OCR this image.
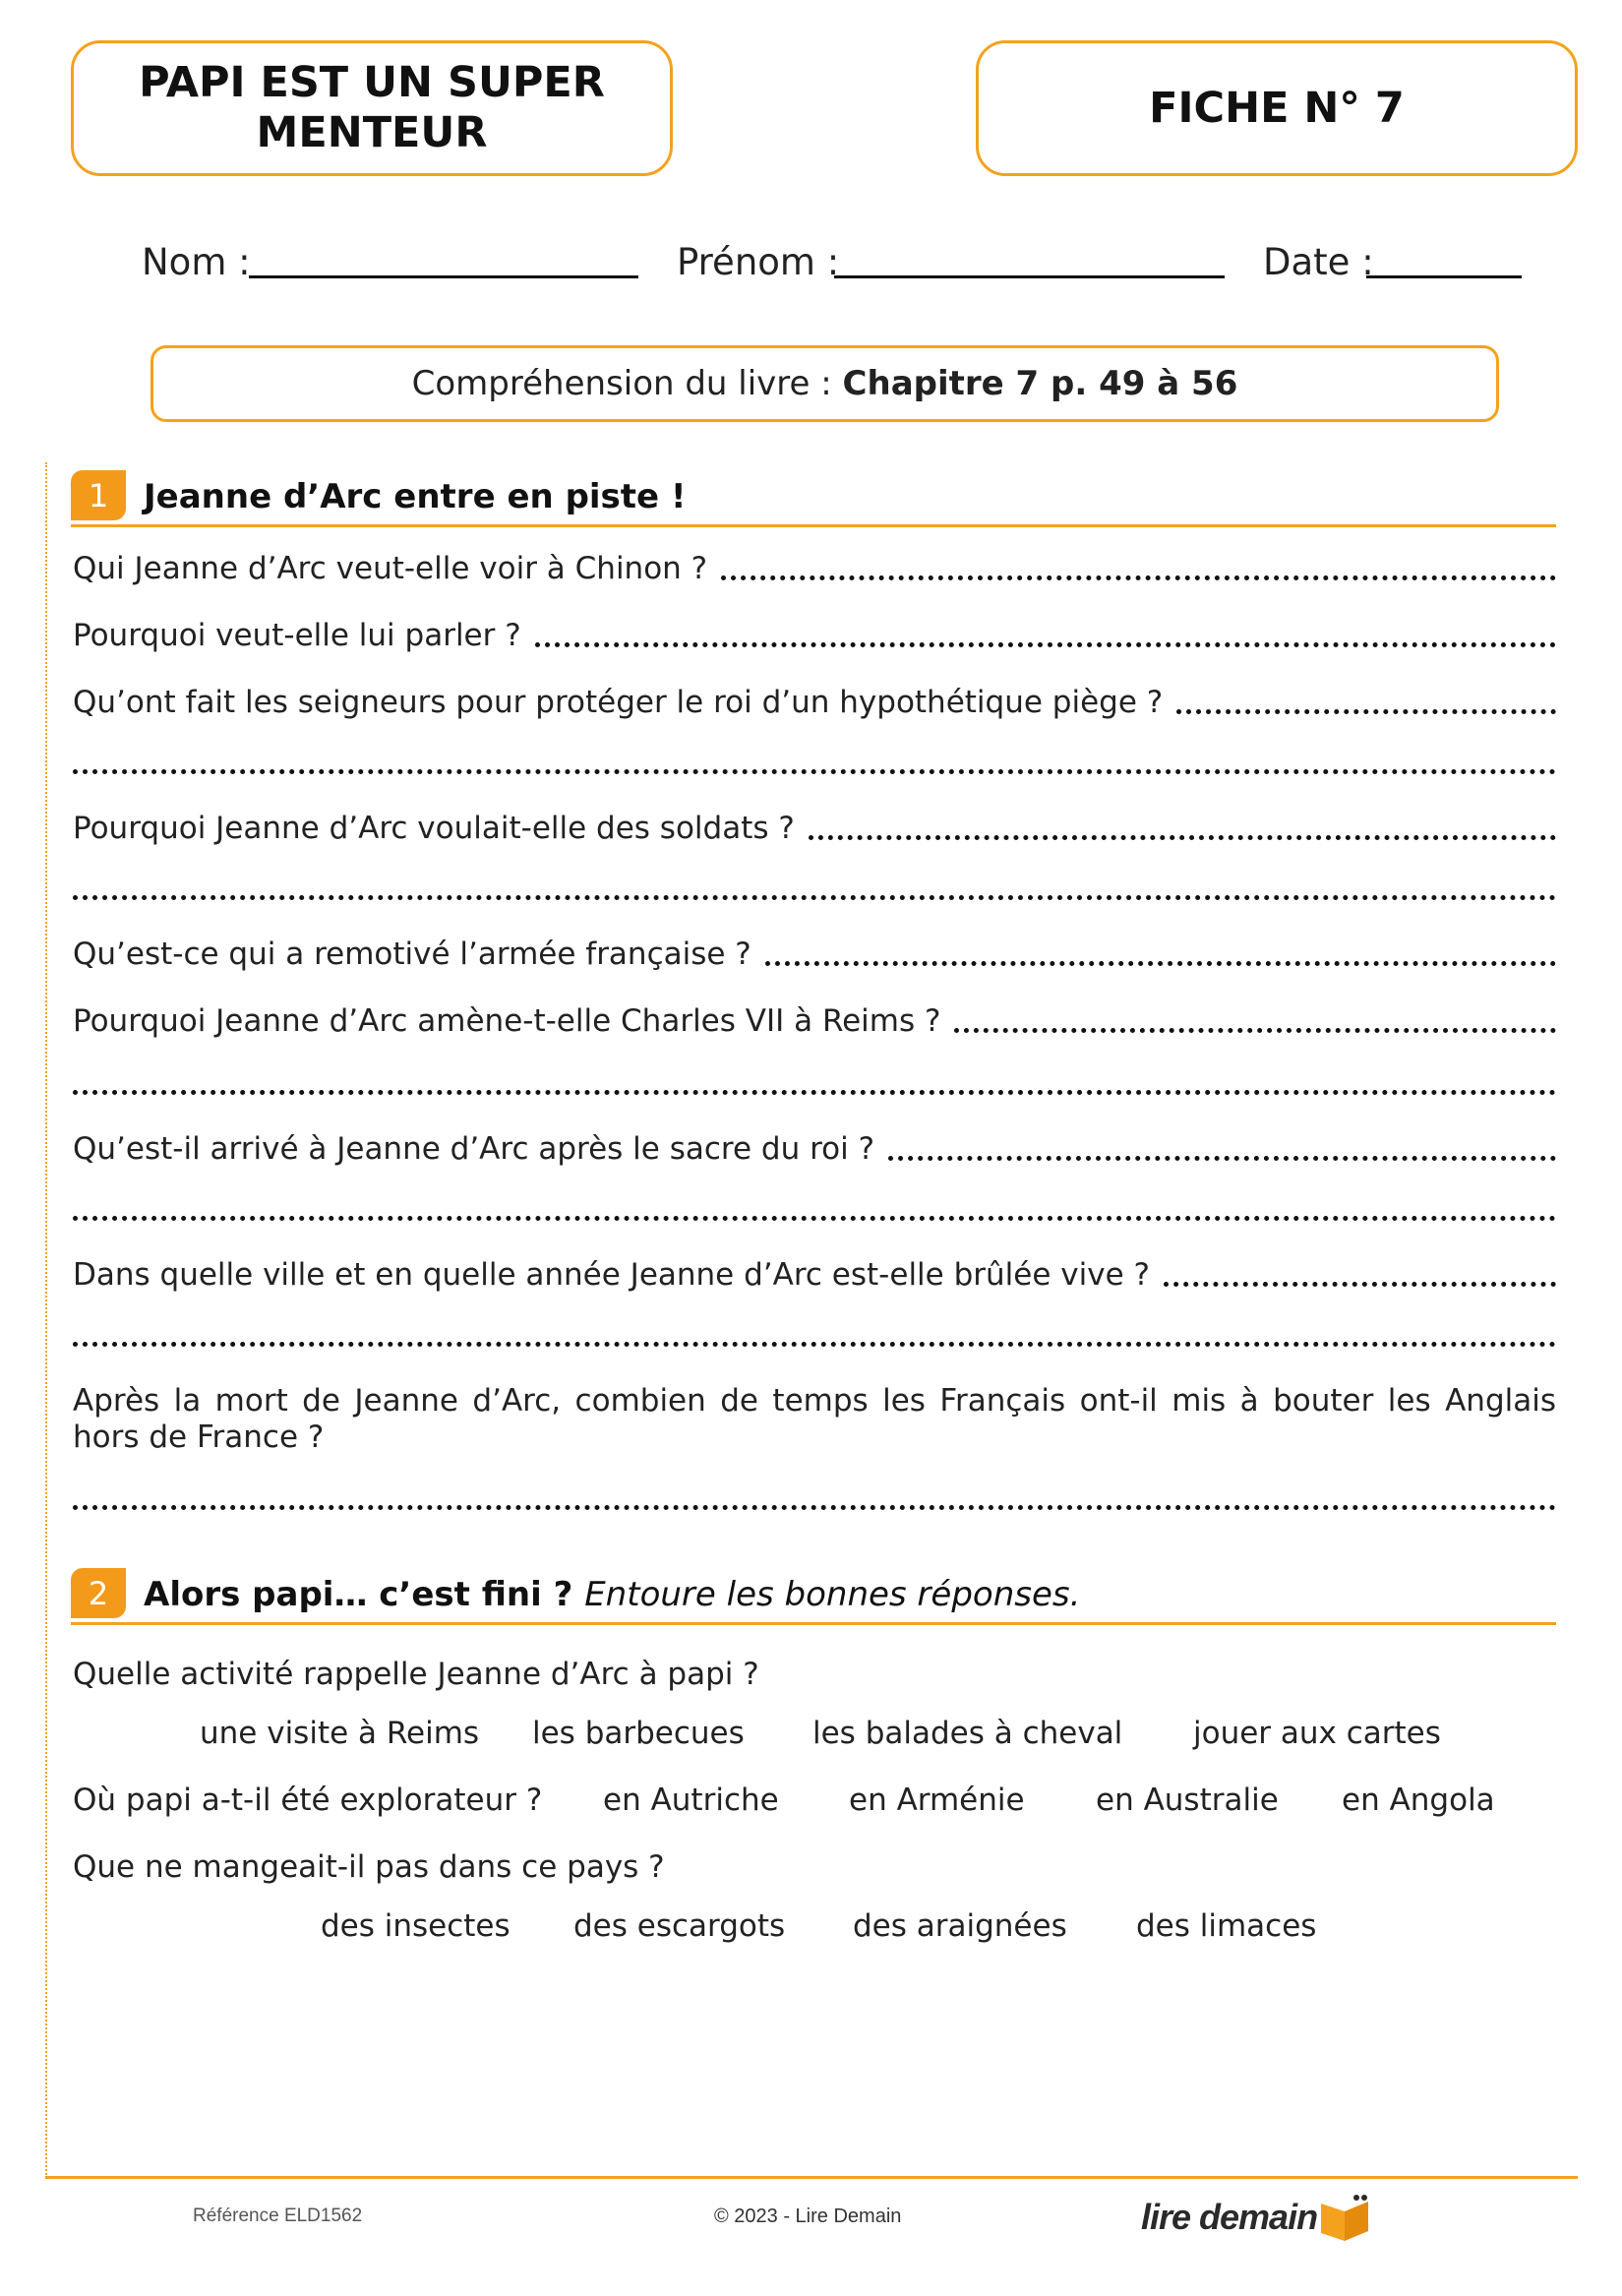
PAPI EST UN SUPER
MENTEUR	FICHE N° 7
Nom :	Prénom :	Date :
Compréhension du livre : Chapitre 7 p. 49 à 56
1	Jeanne d’Arc entre en piste !
Qui Jeanne d’Arc veut-elle voir à Chinon ?
Pourquoi veut-elle lui parler ?
Qu’ont fait les seigneurs pour protéger le roi d’un hypothétique piège ?
Pourquoi Jeanne d’Arc voulait-elle des soldats ?
Qu’est-ce qui a remotivé l’armée française ?
Pourquoi Jeanne d’Arc amène-t-elle Charles VII à Reims ?
Qu’est-il arrivé à Jeanne d’Arc après le sacre du roi ?
Dans quelle ville et en quelle année Jeanne d’Arc est-elle brûlée vive ?
Après la mort de Jeanne d’Arc, combien de temps les Français ont-il mis à bouter les Anglais hors de France ?
2	Alors papi… c’est fini ? Entoure les bonnes réponses.
Quelle activité rappelle Jeanne d’Arc à papi ?
une visite à Reims les barbecues les balades à cheval jouer aux cartes
Où papi a-t-il été explorateur ? en Autriche en Arménie en Australie en Angola
Que ne mangeait-il pas dans ce pays ?
des insectes des escargots des araignées des limaces
Référence ELD1562	© 2023 - Lire Demain	lire demain
